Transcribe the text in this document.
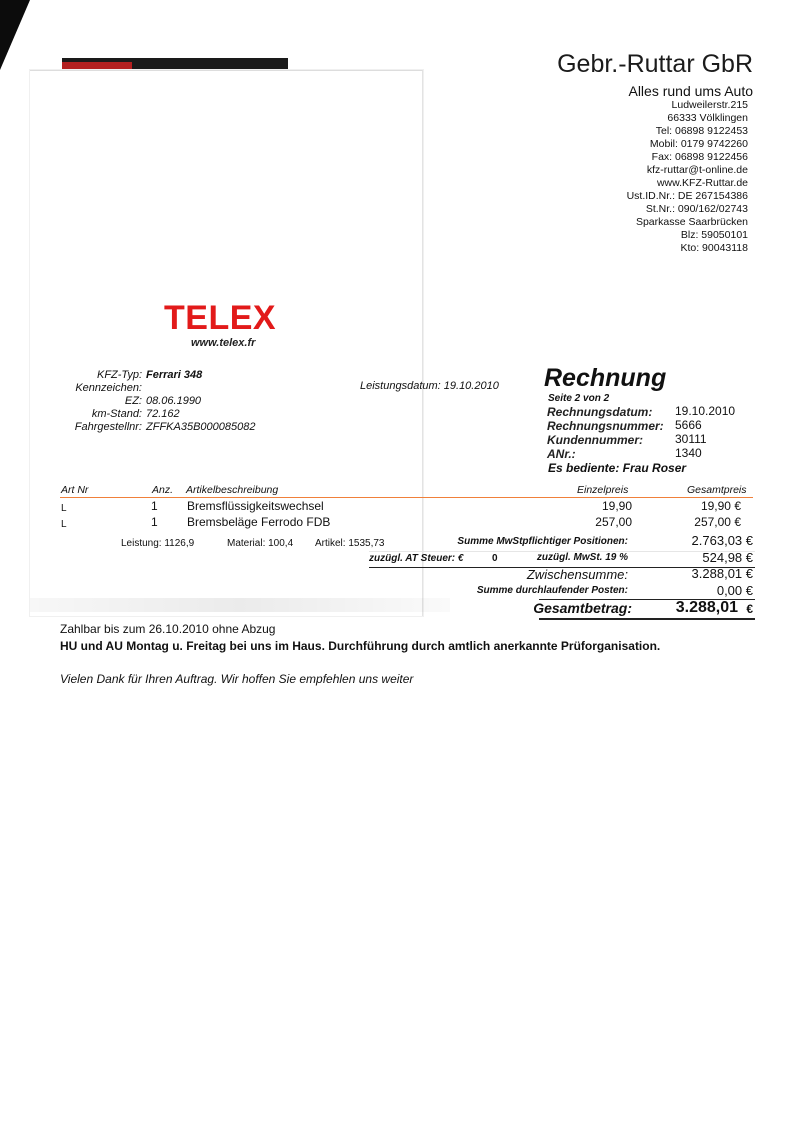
Gebr.-Ruttar GbR
Alles rund ums Auto
Ludweilerstr.215
66333 Völklingen
Tel: 06898 9122453
Mobil: 0179 9742260
Fax: 06898 9122456
kfz-ruttar@t-online.de
www.KFZ-Ruttar.de
Ust.ID.Nr.: DE 267154386
St.Nr.: 090/162/02743
Sparkasse Saarbrücken
Blz: 59050101
Kto: 90043118
TELEX
www.telex.fr
KFZ-Typ: Ferrari 348
Kennzeichen:
EZ: 08.06.1990
km-Stand: 72.162
Fahrgestellnr: ZFFKA35B000085082
Leistungsdatum: 19.10.2010 Rechnung
Seite 2 von 2
Rechnungsdatum: 19.10.2010
Rechnungsnummer: 5666
Kundennummer:	30111
ANr.:	1340
Es bediente: Frau Roser
Art Nr	Anz. Artikelbeschreibung	Einzelpreis	Gesamtpreis
L	1 Bremsflüssigkeitswechsel	19,90	19,90 €
L	1 Bremsbeläge Ferrodo FDB	257,00	257,00 €
Leistung: 1126,9	Material: 100,4 Artikel: 1535,73	Summe MwStpflichtiger Positionen:	2.763,03 €
zuzügl. AT Steuer: €	0	zuzügl. MwSt. 19 %	524,98 €
Zwischensumme:	3.288,01 €
Summe durchlaufender Posten:	0,00 €
Gesamtbetrag:	3.288,01 €
Zahlbar bis zum 26.10.2010 ohne Abzug
HU und AU Montag u. Freitag bei uns im Haus. Durchführung durch amtlich anerkannte Prüforganisation.
Vielen Dank für Ihren Auftrag. Wir hoffen Sie empfehlen uns weiter
